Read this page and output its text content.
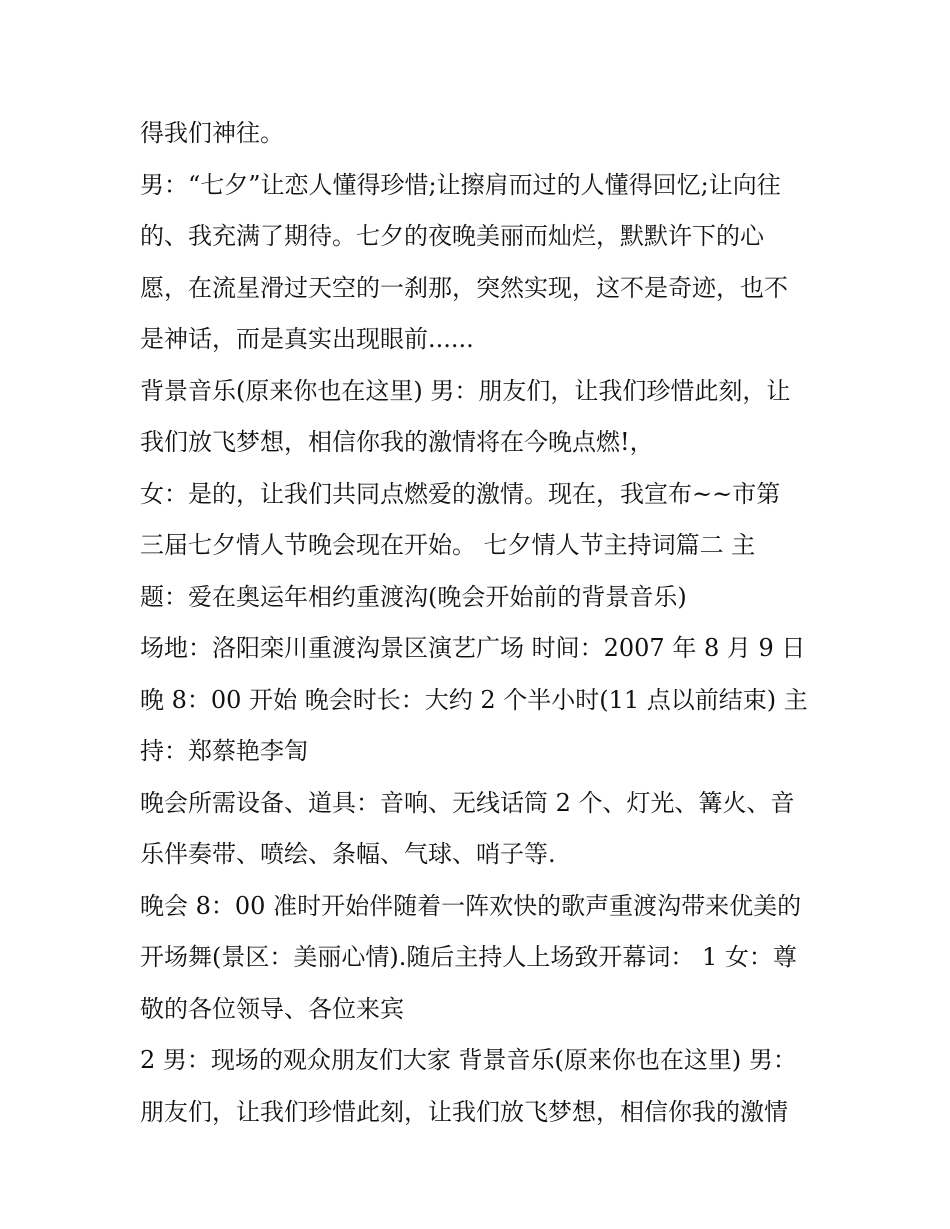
得我们神往。
男：“七夕”让恋人懂得珍惜;让擦肩而过的人懂得回忆;让向往
的、我充满了期待。七夕的夜晚美丽而灿烂，默默许下的心
愿，在流星滑过天空的一刹那，突然实现，这不是奇迹，也不
是神话，而是真实出现眼前......
背景音乐(原来你也在这里) 男：朋友们，让我们珍惜此刻，让
我们放飞梦想，相信你我的激情将在今晚点燃!，
女：是的，让我们共同点燃爱的激情。现在，我宣布~~市第
三届七夕情人节晚会现在开始。 七夕情人节主持词篇二 主
题：爱在奥运年相约重渡沟(晚会开始前的背景音乐)
场地：洛阳栾川重渡沟景区演艺广场 时间：2007 年 8 月 9 日
晚 8：00 开始 晚会时长：大约 2 个半小时(11 点以前结束) 主
持：郑蔡艳李訇
晚会所需设备、道具：音响、无线话筒 2 个、灯光、篝火、音
乐伴奏带、喷绘、条幅、气球、哨子等.
晚会 8：00 准时开始伴随着一阵欢快的歌声重渡沟带来优美的
开场舞(景区：美丽心情).随后主持人上场致开幕词： 1 女：尊
敬的各位领导、各位来宾
2 男：现场的观众朋友们大家 背景音乐(原来你也在这里) 男：
朋友们，让我们珍惜此刻，让我们放飞梦想，相信你我的激情
